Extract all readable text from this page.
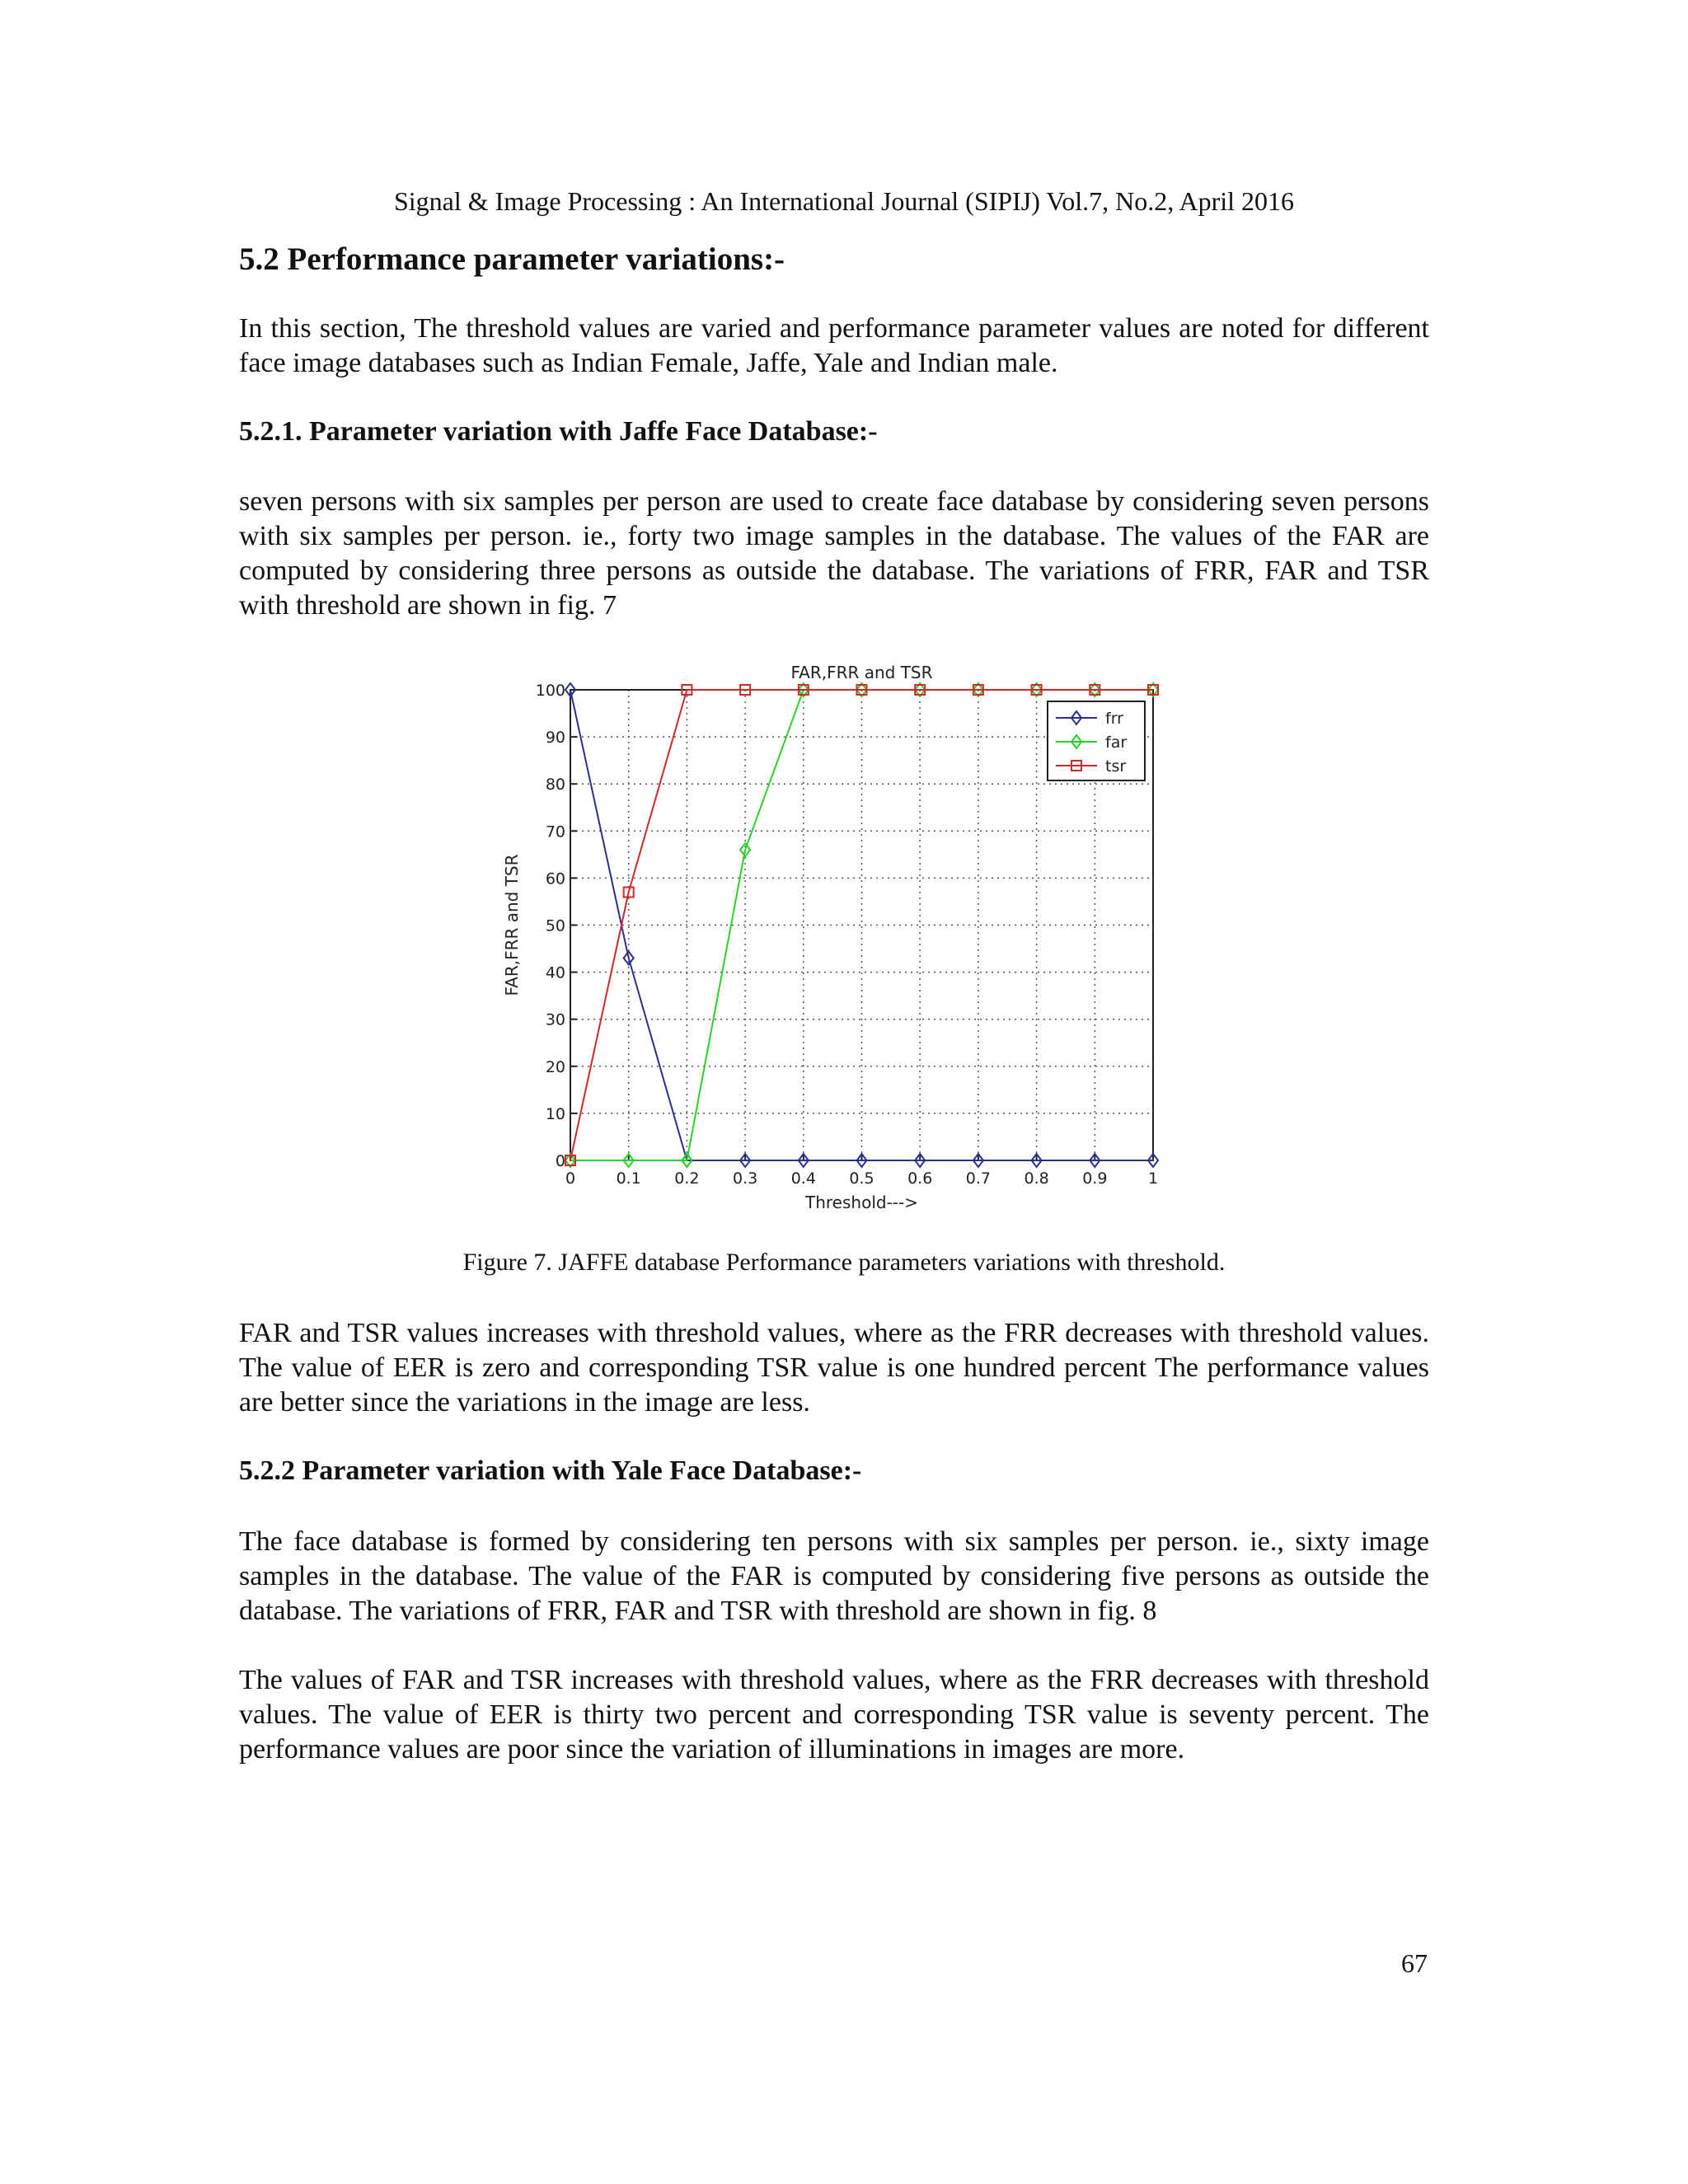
Signal & Image Processing : An International Journal (SIPIJ) Vol.7, No.2, April 2016
5.2 Performance parameter variations:-

In this section, The threshold values are varied and performance parameter values are noted for different face image databases such as Indian Female, Jaffe, Yale and Indian male.

5.2.1. Parameter variation with Jaffe Face Database:-

seven persons with six samples per person are used to create face database by considering seven persons with six samples per person. ie., forty two image samples in the database. The values of the FAR are computed by considering three persons as outside the database. The variations of FRR, FAR and TSR with threshold are shown in fig. 7

0	0.1 0.2 0.3 0.4 0.5 0.6 0.7 0.8 0.9	1
0
10
20
30
40
50
60
70
80
90
100
FAR,FRR and TSR
Threshold--->
FAR,FRR and TSR
frr
far
tsr
Figure 7. JAFFE database Performance parameters variations with threshold.

FAR and TSR values increases with threshold values, where as the FRR decreases with threshold values. The value of EER is zero and corresponding TSR value is one hundred percent The performance values are better since the variations in the image are less.

5.2.2 Parameter variation with Yale Face Database:-

The face database is formed by considering ten persons with six samples per person. ie., sixty image samples in the database. The value of the FAR is computed by considering five persons as outside the database. The variations of FRR, FAR and TSR with threshold are shown in fig. 8

The values of FAR and TSR increases with threshold values, where as the FRR decreases with threshold values. The value of EER is thirty two percent and corresponding TSR value is seventy percent. The performance values are poor since the variation of illuminations in images are more.

67
